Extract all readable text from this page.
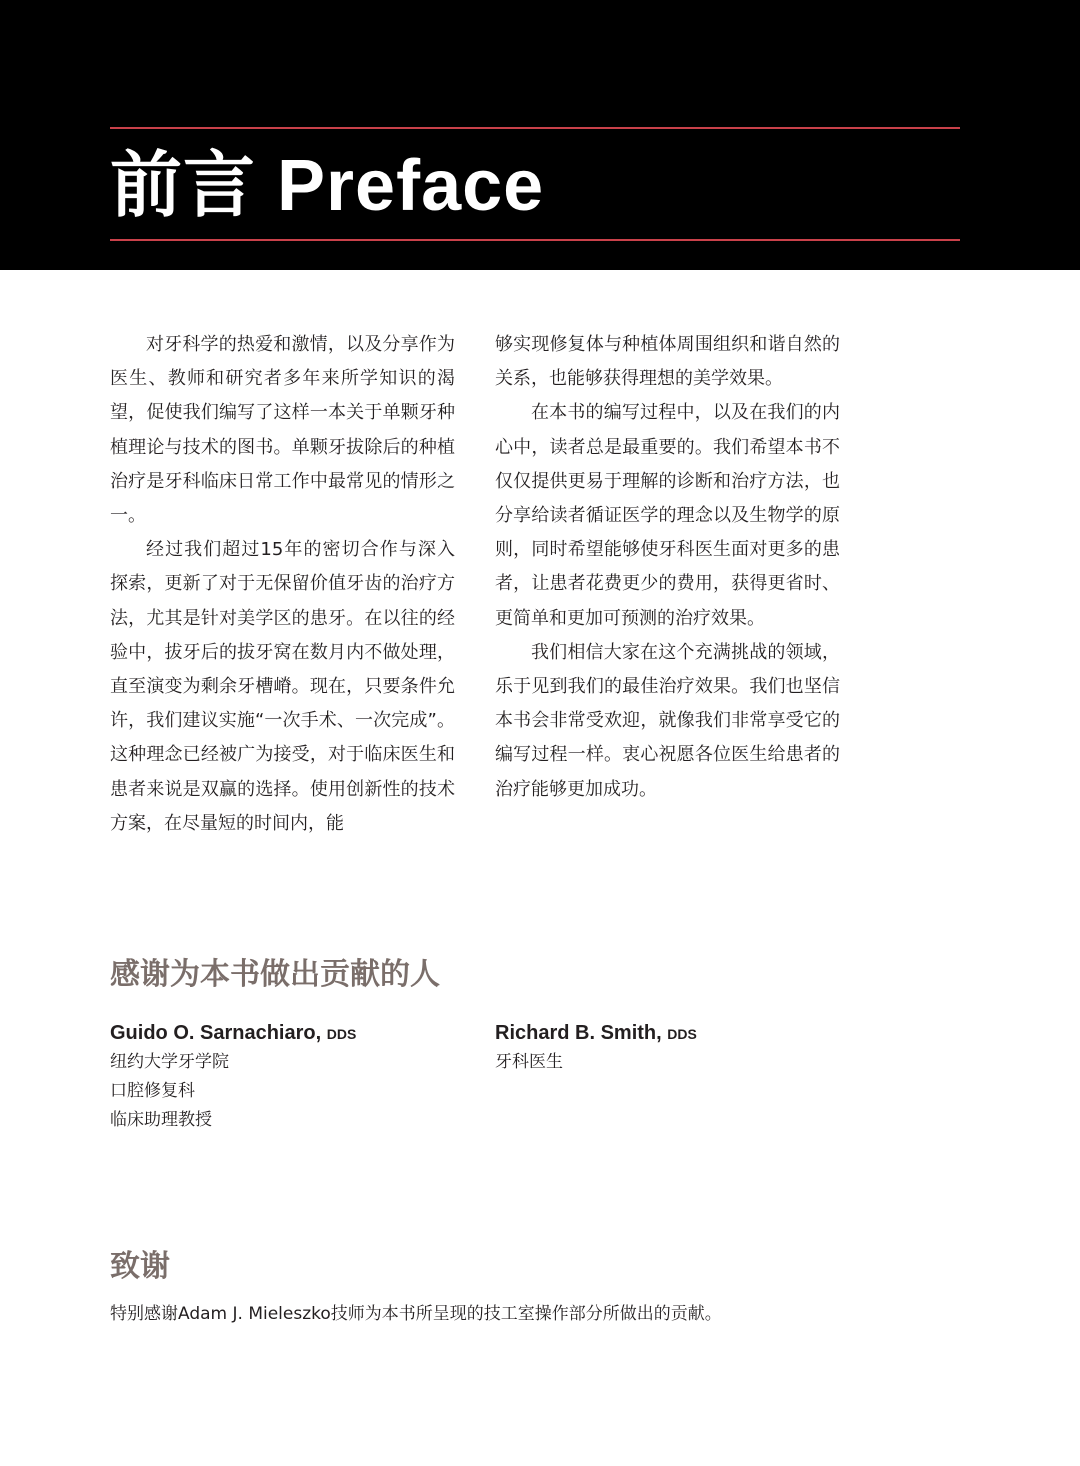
前言 Preface

对牙科学的热爱和激情，以及分享作为医生、教师和研究者多年来所学知识的渴望，促使我们编写了这样一本关于单颗牙种植理论与技术的图书。单颗牙拔除后的种植治疗是牙科临床日常工作中最常见的情形之一。

经过我们超过15年的密切合作与深入探索，更新了对于无保留价值牙齿的治疗方法，尤其是针对美学区的患牙。在以往的经验中，拔牙后的拔牙窝在数月内不做处理，直至演变为剩余牙槽嵴。现在，只要条件允许，我们建议实施“一次手术、一次完成”。这种理念已经被广为接受，对于临床医生和患者来说是双赢的选择。使用创新性的技术方案，在尽量短的时间内，能

够实现修复体与种植体周围组织和谐自然的关系，也能够获得理想的美学效果。

在本书的编写过程中，以及在我们的内心中，读者总是最重要的。我们希望本书不仅仅提供更易于理解的诊断和治疗方法，也分享给读者循证医学的理念以及生物学的原则，同时希望能够使牙科医生面对更多的患者，让患者花费更少的费用，获得更省时、更简单和更加可预测的治疗效果。

我们相信大家在这个充满挑战的领域，乐于见到我们的最佳治疗效果。我们也坚信本书会非常受欢迎，就像我们非常享受它的编写过程一样。衷心祝愿各位医生给患者的治疗能够更加成功。

感谢为本书做出贡献的人
Guido O. Sarnachiaro, DDS
纽约大学牙学院
口腔修复科
临床助理教授
Richard B. Smith, DDS
牙科医生
致谢

特别感谢Adam J. Mieleszko技师为本书所呈现的技工室操作部分所做出的贡献。
